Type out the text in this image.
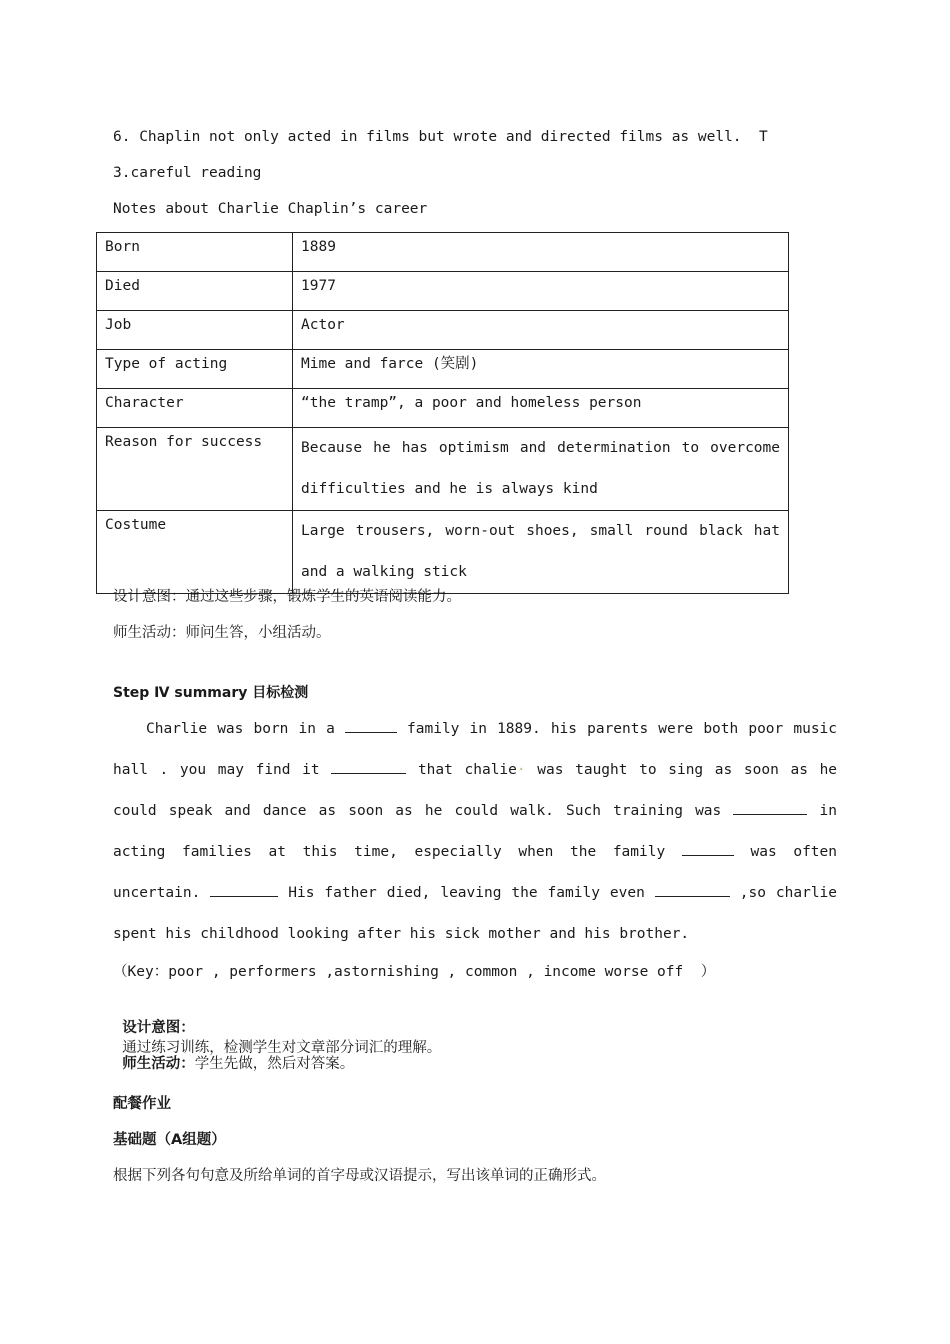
6. Chaplin not only acted in films but wrote and directed films as well.  T
3.careful reading
Notes about Charlie Chaplin’s career
Born	1889
Died	1977
Job	Actor
Type of acting	Mime and farce (笑剧)
Character	“the tramp”, a poor and homeless person
Reason for success	Because he has optimism and determination to overcome difficulties and he is always kind
Costume	Large trousers, worn-out shoes, small round black hat and a walking stick
设计意图：通过这些步骤，锻炼学生的英语阅读能力。
师生活动：师问生答，小组活动。
Step Ⅳ summary 目标检测
Charlie was born in a	family in 1889. his parents were both poor music hall . you may find it	that chalie· was taught to sing as soon as he could speak and dance as soon as he could walk. Such training was	in acting families at this time, especially when the family	was often uncertain.	His father died, leaving the family even	,so charlie spent his childhood looking after his sick mother and his brother.
（Key：poor , performers ,astornishing , common , income worse off  ）

设计意图：
通过练习训练，检测学生对文章部分词汇的理解。

师生活动：学生先做，然后对答案。

配餐作业
基础题（A组题）
根据下列各句句意及所给单词的首字母或汉语提示，写出该单词的正确形式。
